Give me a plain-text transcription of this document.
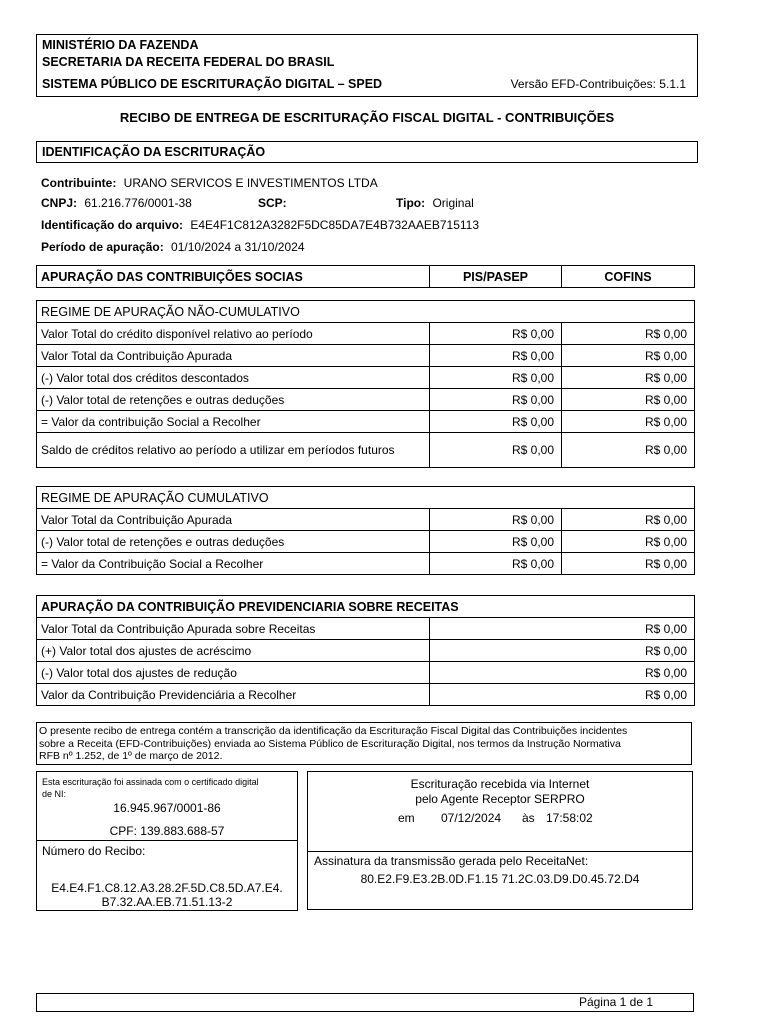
MINISTÉRIO DA FAZENDA
SECRETARIA DA RECEITA FEDERAL DO BRASIL
SISTEMA PÚBLICO DE ESCRITURAÇÃO DIGITAL – SPED	Versão EFD-Contribuições: 5.1.1
RECIBO DE ENTREGA DE ESCRITURAÇÃO FISCAL DIGITAL - CONTRIBUIÇÕES
IDENTIFICAÇÃO DA ESCRITURAÇÃO
Contribuinte: URANO SERVICOS E INVESTIMENTOS LTDA
CNPJ: 61.216.776/0001-38	SCP:	Tipo: Original
Identificação do arquivo: E4E4F1C812A3282F5DC85DA7E4B732AAEB715113
Período de apuração: 01/10/2024 a 31/10/2024
APURAÇÃO DAS CONTRIBUIÇÕES SOCIAS	PIS/PASEP	COFINS
REGIME DE APURAÇÃO NÃO-CUMULATIVO		
Valor Total do crédito disponível relativo ao período	R$ 0,00	R$ 0,00
Valor Total da Contribuição Apurada	R$ 0,00	R$ 0,00
(-) Valor total dos créditos descontados	R$ 0,00	R$ 0,00
(-) Valor total de retenções e outras deduções	R$ 0,00	R$ 0,00
= Valor da contribuição Social a Recolher	R$ 0,00	R$ 0,00
Saldo de créditos relativo ao período a utilizar em períodos futuros	R$ 0,00	R$ 0,00
REGIME DE APURAÇÃO CUMULATIVO		
Valor Total da Contribuição Apurada	R$ 0,00	R$ 0,00
(-) Valor total de retenções e outras deduções	R$ 0,00	R$ 0,00
= Valor da Contribuição Social a Recolher	R$ 0,00	R$ 0,00
APURAÇÃO DA CONTRIBUIÇÃO PREVIDENCIARIA SOBRE RECEITAS	
Valor Total da Contribuição Apurada sobre Receitas	R$ 0,00
(+) Valor total dos ajustes de acréscimo	R$ 0,00
(-) Valor total dos ajustes de redução	R$ 0,00
Valor da Contribuição Previdenciária a Recolher	R$ 0,00
O presente recibo de entrega contém a transcrição da identificação da Escrituração Fiscal Digital das Contribuições incidentes
sobre a Receita (EFD-Contribuições) enviada ao Sistema Público de Escrituração Digital, nos termos da Instrução Normativa
RFB nº 1.252, de 1º de março de 2012.
Esta escrituração foi assinada com o certificado digital
de NI:
16.945.967/0001-86
CPF: 139.883.688-57
Número do Recibo:
E4.E4.F1.C8.12.A3.28.2F.5D.C8.5D.A7.E4.
B7.32.AA.EB.71.51.13-2
Escrituração recebida via Internet
pelo Agente Receptor SERPRO
em 07/12/2024 às 17:58:02
Assinatura da transmissão gerada pelo ReceitaNet:
80.E2.F9.E3.2B.0D.F1.15 71.2C.03.D9.D0.45.72.D4
Página 1 de 1
